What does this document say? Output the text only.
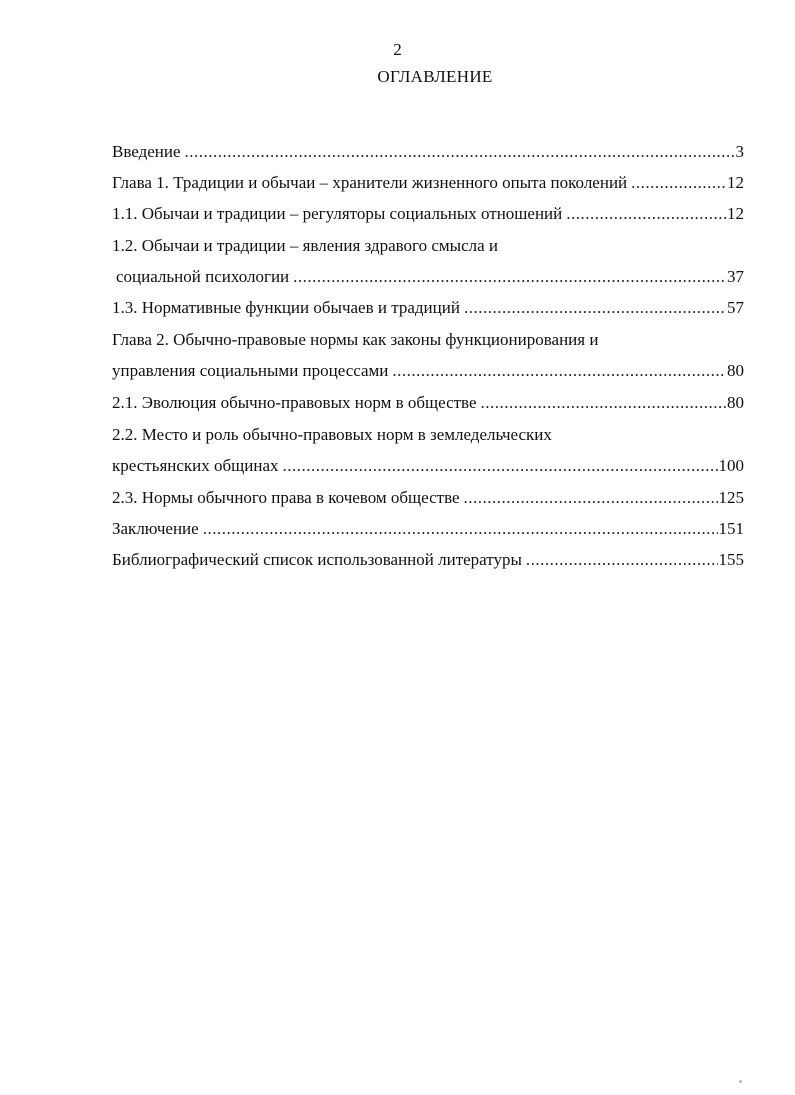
2
ОГЛАВЛЕНИЕ
Введение .....	3
Глава 1. Традиции и обычаи – хранители жизненного опыта поколений .....	12
1.1. Обычаи и традиции – регуляторы социальных отношений .....	12
1.2. Обычаи и традиции – явления здравого смысла и
социальной психологии .....	37
1.3. Нормативные функции обычаев и традиций .....	57
Глава 2. Обычно-правовые нормы как законы функционирования и
управления социальными процессами .....	80
2.1. Эволюция обычно-правовых норм в обществе .....	80
2.2. Место и роль обычно-правовых норм в земледельческих
крестьянских общинах .....	100
2.3. Нормы обычного права в кочевом обществе .....	125
Заключение .....	151
Библиографический список использованной литературы .....	155
